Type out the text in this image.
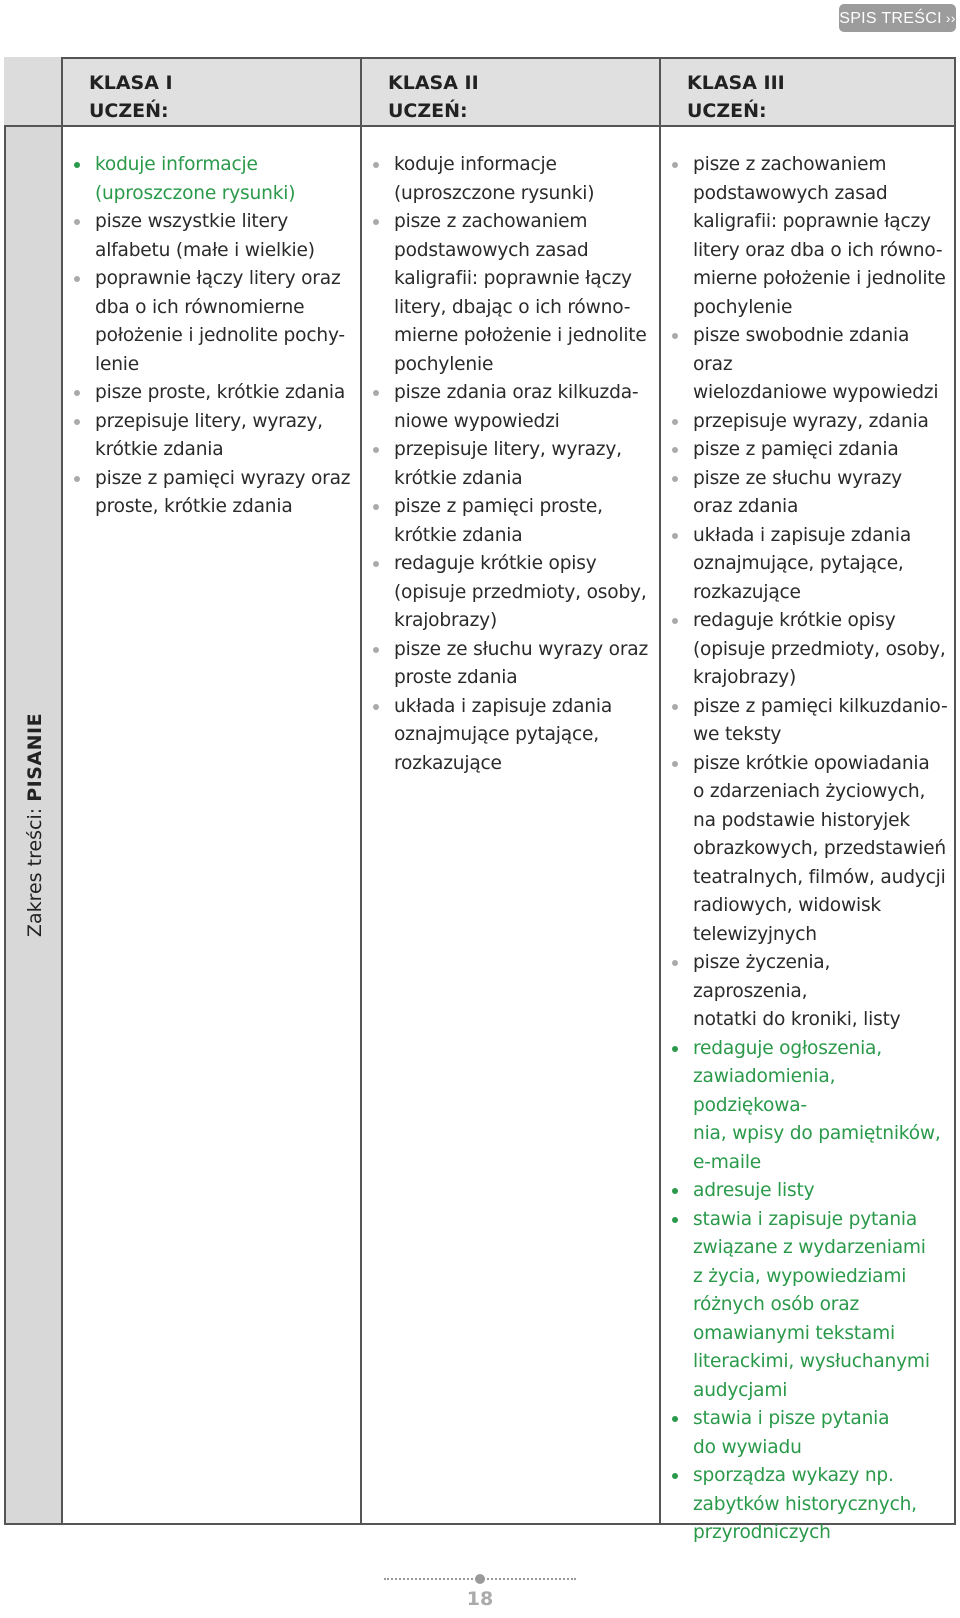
SPIS TREŚCI ››
Zakres treści: PISANIE
KLASA I
UCZEŃ:
KLASA II
UCZEŃ:
KLASA III
UCZEŃ:
koduje informacje
(uproszczone rysunki)
pisze wszystkie litery
alfabetu (małe i wielkie)
poprawnie łączy litery oraz
dba o ich równomierne
położenie i jednolite pochy-
lenie
pisze proste, krótkie zdania
przepisuje litery, wyrazy,
krótkie zdania
pisze z pamięci wyrazy oraz
proste, krótkie zdania
koduje informacje
(uproszczone rysunki)
pisze z zachowaniem
podstawowych zasad
kaligrafii: poprawnie łączy
litery, dbając o ich równo-
mierne położenie i jednolite
pochylenie
pisze zdania oraz kilkuzda-
niowe wypowiedzi
przepisuje litery, wyrazy,
krótkie zdania
pisze z pamięci proste,
krótkie zdania
redaguje krótkie opisy
(opisuje przedmioty, osoby,
krajobrazy)
pisze ze słuchu wyrazy oraz
proste zdania
układa i zapisuje zdania
oznajmujące pytające,
rozkazujące
pisze z zachowaniem
podstawowych zasad
kaligrafii: poprawnie łączy
litery oraz dba o ich równo-
mierne położenie i jednolite
pochylenie
pisze swobodnie zdania oraz
wielozdaniowe wypowiedzi
przepisuje wyrazy, zdania
pisze z pamięci zdania
pisze ze słuchu wyrazy
oraz zdania
układa i zapisuje zdania
oznajmujące, pytające,
rozkazujące
redaguje krótkie opisy
(opisuje przedmioty, osoby,
krajobrazy)
pisze z pamięci kilkuzdanio-
we teksty
pisze krótkie opowiadania
o zdarzeniach życiowych,
na podstawie historyjek
obrazkowych, przedstawień
teatralnych, filmów, audycji
radiowych, widowisk
telewizyjnych
pisze życzenia, zaproszenia,
notatki do kroniki, listy
redaguje ogłoszenia,
zawiadomienia, podziękowa-
nia, wpisy do pamiętników,
e-maile
adresuje listy
stawia i zapisuje pytania
związane z wydarzeniami
z życia, wypowiedziami
różnych osób oraz
omawianymi tekstami
literackimi, wysłuchanymi
audycjami
stawia i pisze pytania
do wywiadu
sporządza wykazy np.
zabytków historycznych,
przyrodniczych
18
